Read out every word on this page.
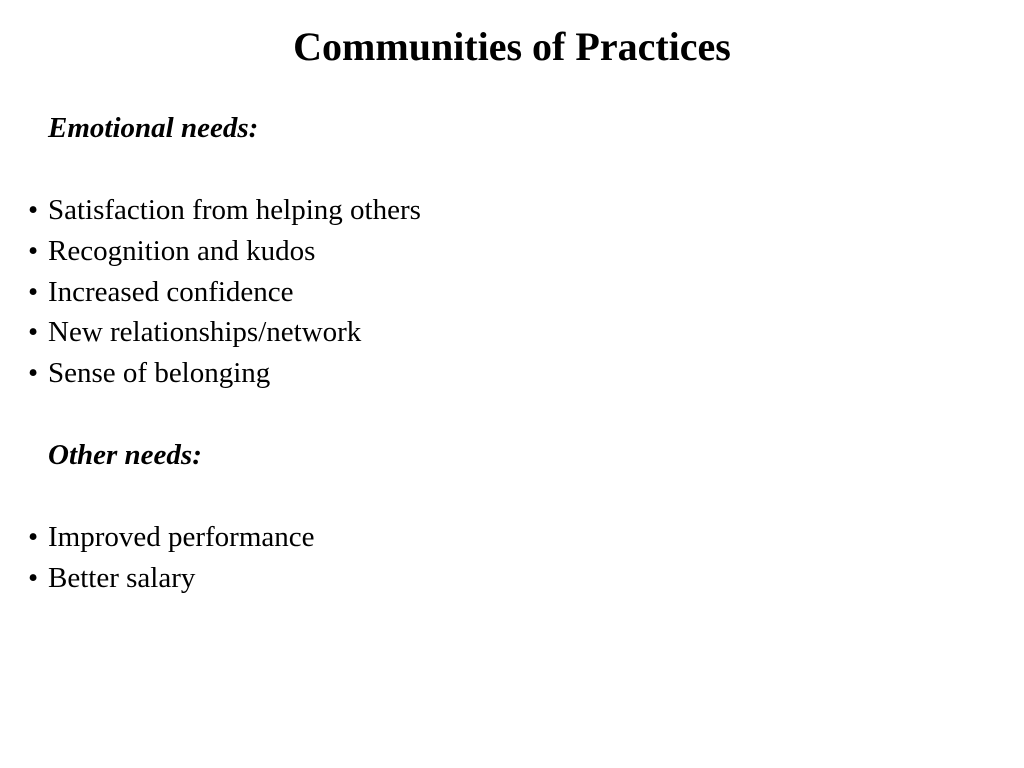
Communities of Practices

Emotional needs:

• Satisfaction from helping others
• Recognition and kudos
• Increased confidence
• New relationships/network
• Sense of belonging

Other needs:

• Improved performance
• Better salary
